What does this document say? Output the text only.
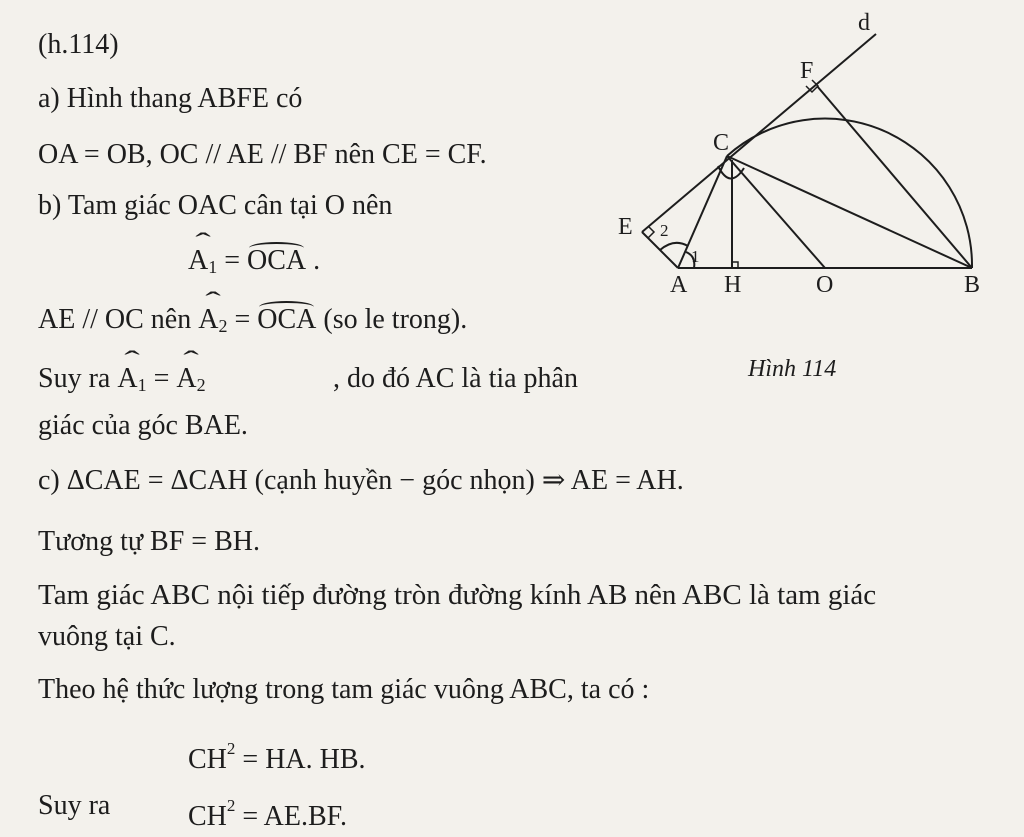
(h.114)
a) Hình thang ABFE có
OA = OB, OC // AE // BF nên CE = CF.
b) Tam giác OAC cân tại O nên
ˆ $A_1$ = OCA .
AE // OC nên ˆ $A_2$ = OCA (so le trong).
Suy ra ˆ $A_1$ = ˆ $A_2$	, do đó AC là tia phân
giác của góc BAE.
c) ΔCAE = ΔCAH (cạnh huyền − góc nhọn) ⇒ AE = AH.
Tương tự BF = BH.
Tam giác ABC nội tiếp đường tròn đường kính AB nên ABC là tam giác
vuông tại C.
Theo hệ thức lượng trong tam giác vuông ABC, ta có :
$CH^2$ = HA. HB.
Suy ra	$CH^2 = AE.BF$.
A H	O	B
C
E
F
d
1
2
Hình 114
